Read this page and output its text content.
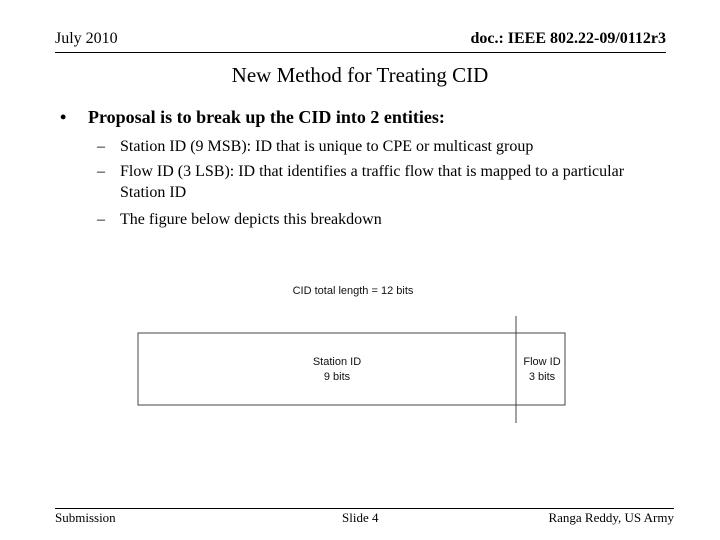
July 2010	doc.: IEEE 802.22-09/0112r3
New Method for Treating CID
• Proposal is to break up the CID into 2 entities:
– Station ID (9 MSB): ID that is unique to CPE or multicast group
– Flow ID (3 LSB): ID that identifies a traffic flow that is mapped to a particular Station ID
– The figure below depicts this breakdown
CID total length = 12 bits
Station ID
9 bits
Flow ID
3 bits
Submission	Slide 4	Ranga Reddy, US Army
